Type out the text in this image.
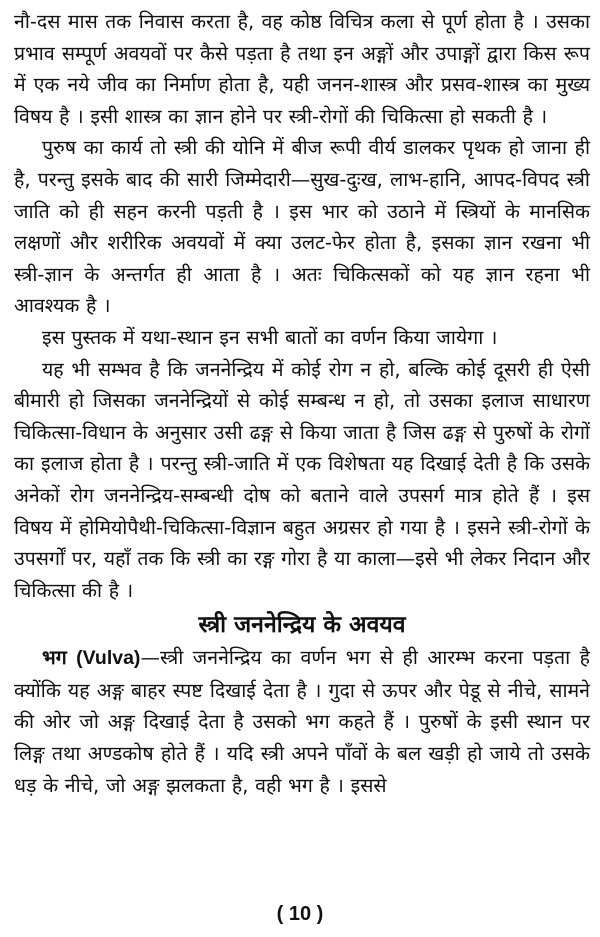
नौ-दस मास तक निवास करता है, वह कोष्ठ विचित्र कला से पूर्ण होता है । उसका प्रभाव सम्पूर्ण अवयवों पर कैसे पड़ता है तथा इन अङ्गों और उपाङ्गों द्वारा किस रूप में एक नये जीव का निर्माण होता है, यही जनन-शास्त्र और प्रसव-शास्त्र का मुख्य विषय है । इसी शास्त्र का ज्ञान होने पर स्त्री-रोगों की चिकित्सा हो सकती है ।

पुरुष का कार्य तो स्त्री की योनि में बीज रूपी वीर्य डालकर पृथक हो जाना ही है, परन्तु इसके बाद की सारी जिम्मेदारी—सुख-दुःख, लाभ-हानि, आपद-विपद स्त्री जाति को ही सहन करनी पड़ती है । इस भार को उठाने में स्त्रियों के मानसिक लक्षणों और शरीरिक अवयवों में क्या उलट-फेर होता है, इसका ज्ञान रखना भी स्त्री-ज्ञान के अन्तर्गत ही आता है । अतः चिकित्सकों को यह ज्ञान रहना भी आवश्यक है ।

इस पुस्तक में यथा-स्थान इन सभी बातों का वर्णन किया जायेगा ।

यह भी सम्भव है कि जननेन्द्रिय में कोई रोग न हो, बल्कि कोई दूसरी ही ऐसी बीमारी हो जिसका जननेन्द्रियों से कोई सम्बन्ध न हो, तो उसका इलाज साधारण चिकित्सा-विधान के अनुसार उसी ढङ्ग से किया जाता है जिस ढङ्ग से पुरुषों के रोगों का इलाज होता है । परन्तु स्त्री-जाति में एक विशेषता यह दिखाई देती है कि उसके अनेकों रोग जननेन्द्रिय-सम्बन्धी दोष को बताने वाले उपसर्ग मात्र होते हैं । इस विषय में होमियोपैथी-चिकित्सा-विज्ञान बहुत अग्रसर हो गया है । इसने स्त्री-रोगों के उपसर्गों पर, यहाँ तक कि स्त्री का रङ्ग गोरा है या काला—इसे भी लेकर निदान और चिकित्सा की है ।

स्त्री जननेन्द्रिय के अवयव

भग (Vulva)—स्त्री जननेन्द्रिय का वर्णन भग से ही आरम्भ करना पड़ता है क्योंकि यह अङ्ग बाहर स्पष्ट दिखाई देता है । गुदा से ऊपर और पेडू से नीचे, सामने की ओर जो अङ्ग दिखाई देता है उसको भग कहते हैं । पुरुषों के इसी स्थान पर लिङ्ग तथा अण्डकोष होते हैं । यदि स्त्री अपने पाँवों के बल खड़ी हो जाये तो उसके धड़ के नीचे, जो अङ्ग झलकता है, वही भग है । इससे

( 10 )
